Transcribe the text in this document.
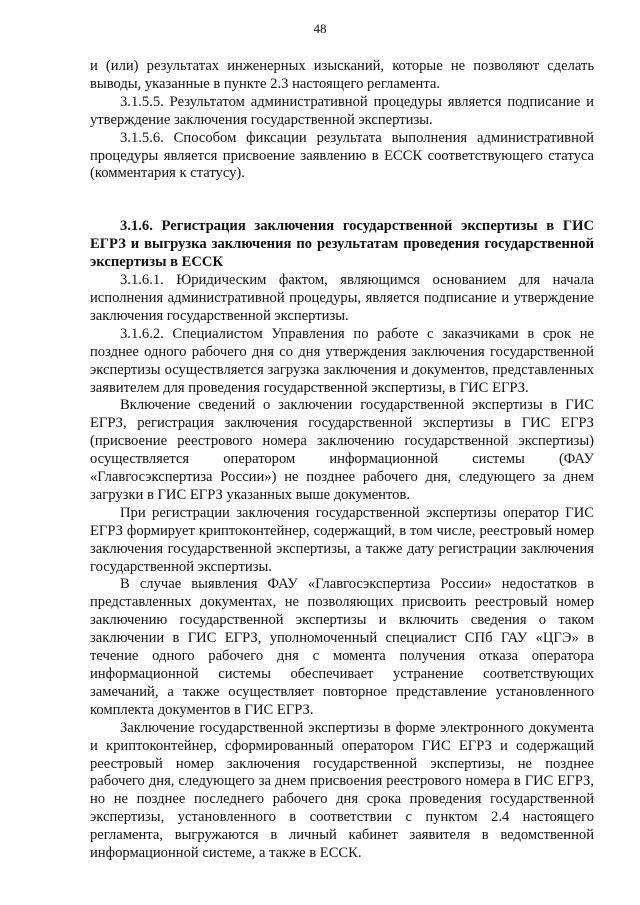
48

и (или) результатах инженерных изысканий, которые не позволяют сделать выводы, указанные в пункте 2.3 настоящего регламента.

3.1.5.5. Результатом административной процедуры является подписание и утверждение заключения государственной экспертизы.

3.1.5.6. Способом фиксации результата выполнения административной процедуры является присвоение заявлению в ЕССК соответствующего статуса (комментария к статусу).

3.1.6. Регистрация заключения государственной экспертизы в ГИС ЕГРЗ и выгрузка заключения по результатам проведения государственной экспертизы в ЕССК

3.1.6.1. Юридическим фактом, являющимся основанием для начала исполнения административной процедуры, является подписание и утверждение заключения государственной экспертизы.

3.1.6.2. Специалистом Управления по работе с заказчиками в срок не позднее одного рабочего дня со дня утверждения заключения государственной экспертизы осуществляется загрузка заключения и документов, представленных заявителем для проведения государственной экспертизы, в ГИС ЕГРЗ.

Включение сведений о заключении государственной экспертизы в ГИС ЕГРЗ, регистрация заключения государственной экспертизы в ГИС ЕГРЗ (присвоение реестрового номера заключению государственной экспертизы) осуществляется оператором информационной системы (ФАУ «Главгосэкспертиза России») не позднее рабочего дня, следующего за днем загрузки в ГИС ЕГРЗ указанных выше документов.

При регистрации заключения государственной экспертизы оператор ГИС ЕГРЗ формирует криптоконтейнер, содержащий, в том числе, реестровый номер заключения государственной экспертизы, а также дату регистрации заключения государственной экспертизы.

В случае выявления ФАУ «Главгосэкспертиза России» недостатков в представленных документах, не позволяющих присвоить реестровый номер заключению государственной экспертизы и включить сведения о таком заключении в ГИС ЕГРЗ, уполномоченный специалист СПб ГАУ «ЦГЭ» в течение одного рабочего дня с момента получения отказа оператора информационной системы обеспечивает устранение соответствующих замечаний, а также осуществляет повторное представление установленного комплекта документов в ГИС ЕГРЗ.

Заключение государственной экспертизы в форме электронного документа и криптоконтейнер, сформированный оператором ГИС ЕГРЗ и содержащий реестровый номер заключения государственной экспертизы, не позднее рабочего дня, следующего за днем присвоения реестрового номера в ГИС ЕГРЗ, но не позднее последнего рабочего дня срока проведения государственной экспертизы, установленного в соответствии с пунктом 2.4 настоящего регламента, выгружаются в личный кабинет заявителя в ведомственной информационной системе, а также в ЕССК.
